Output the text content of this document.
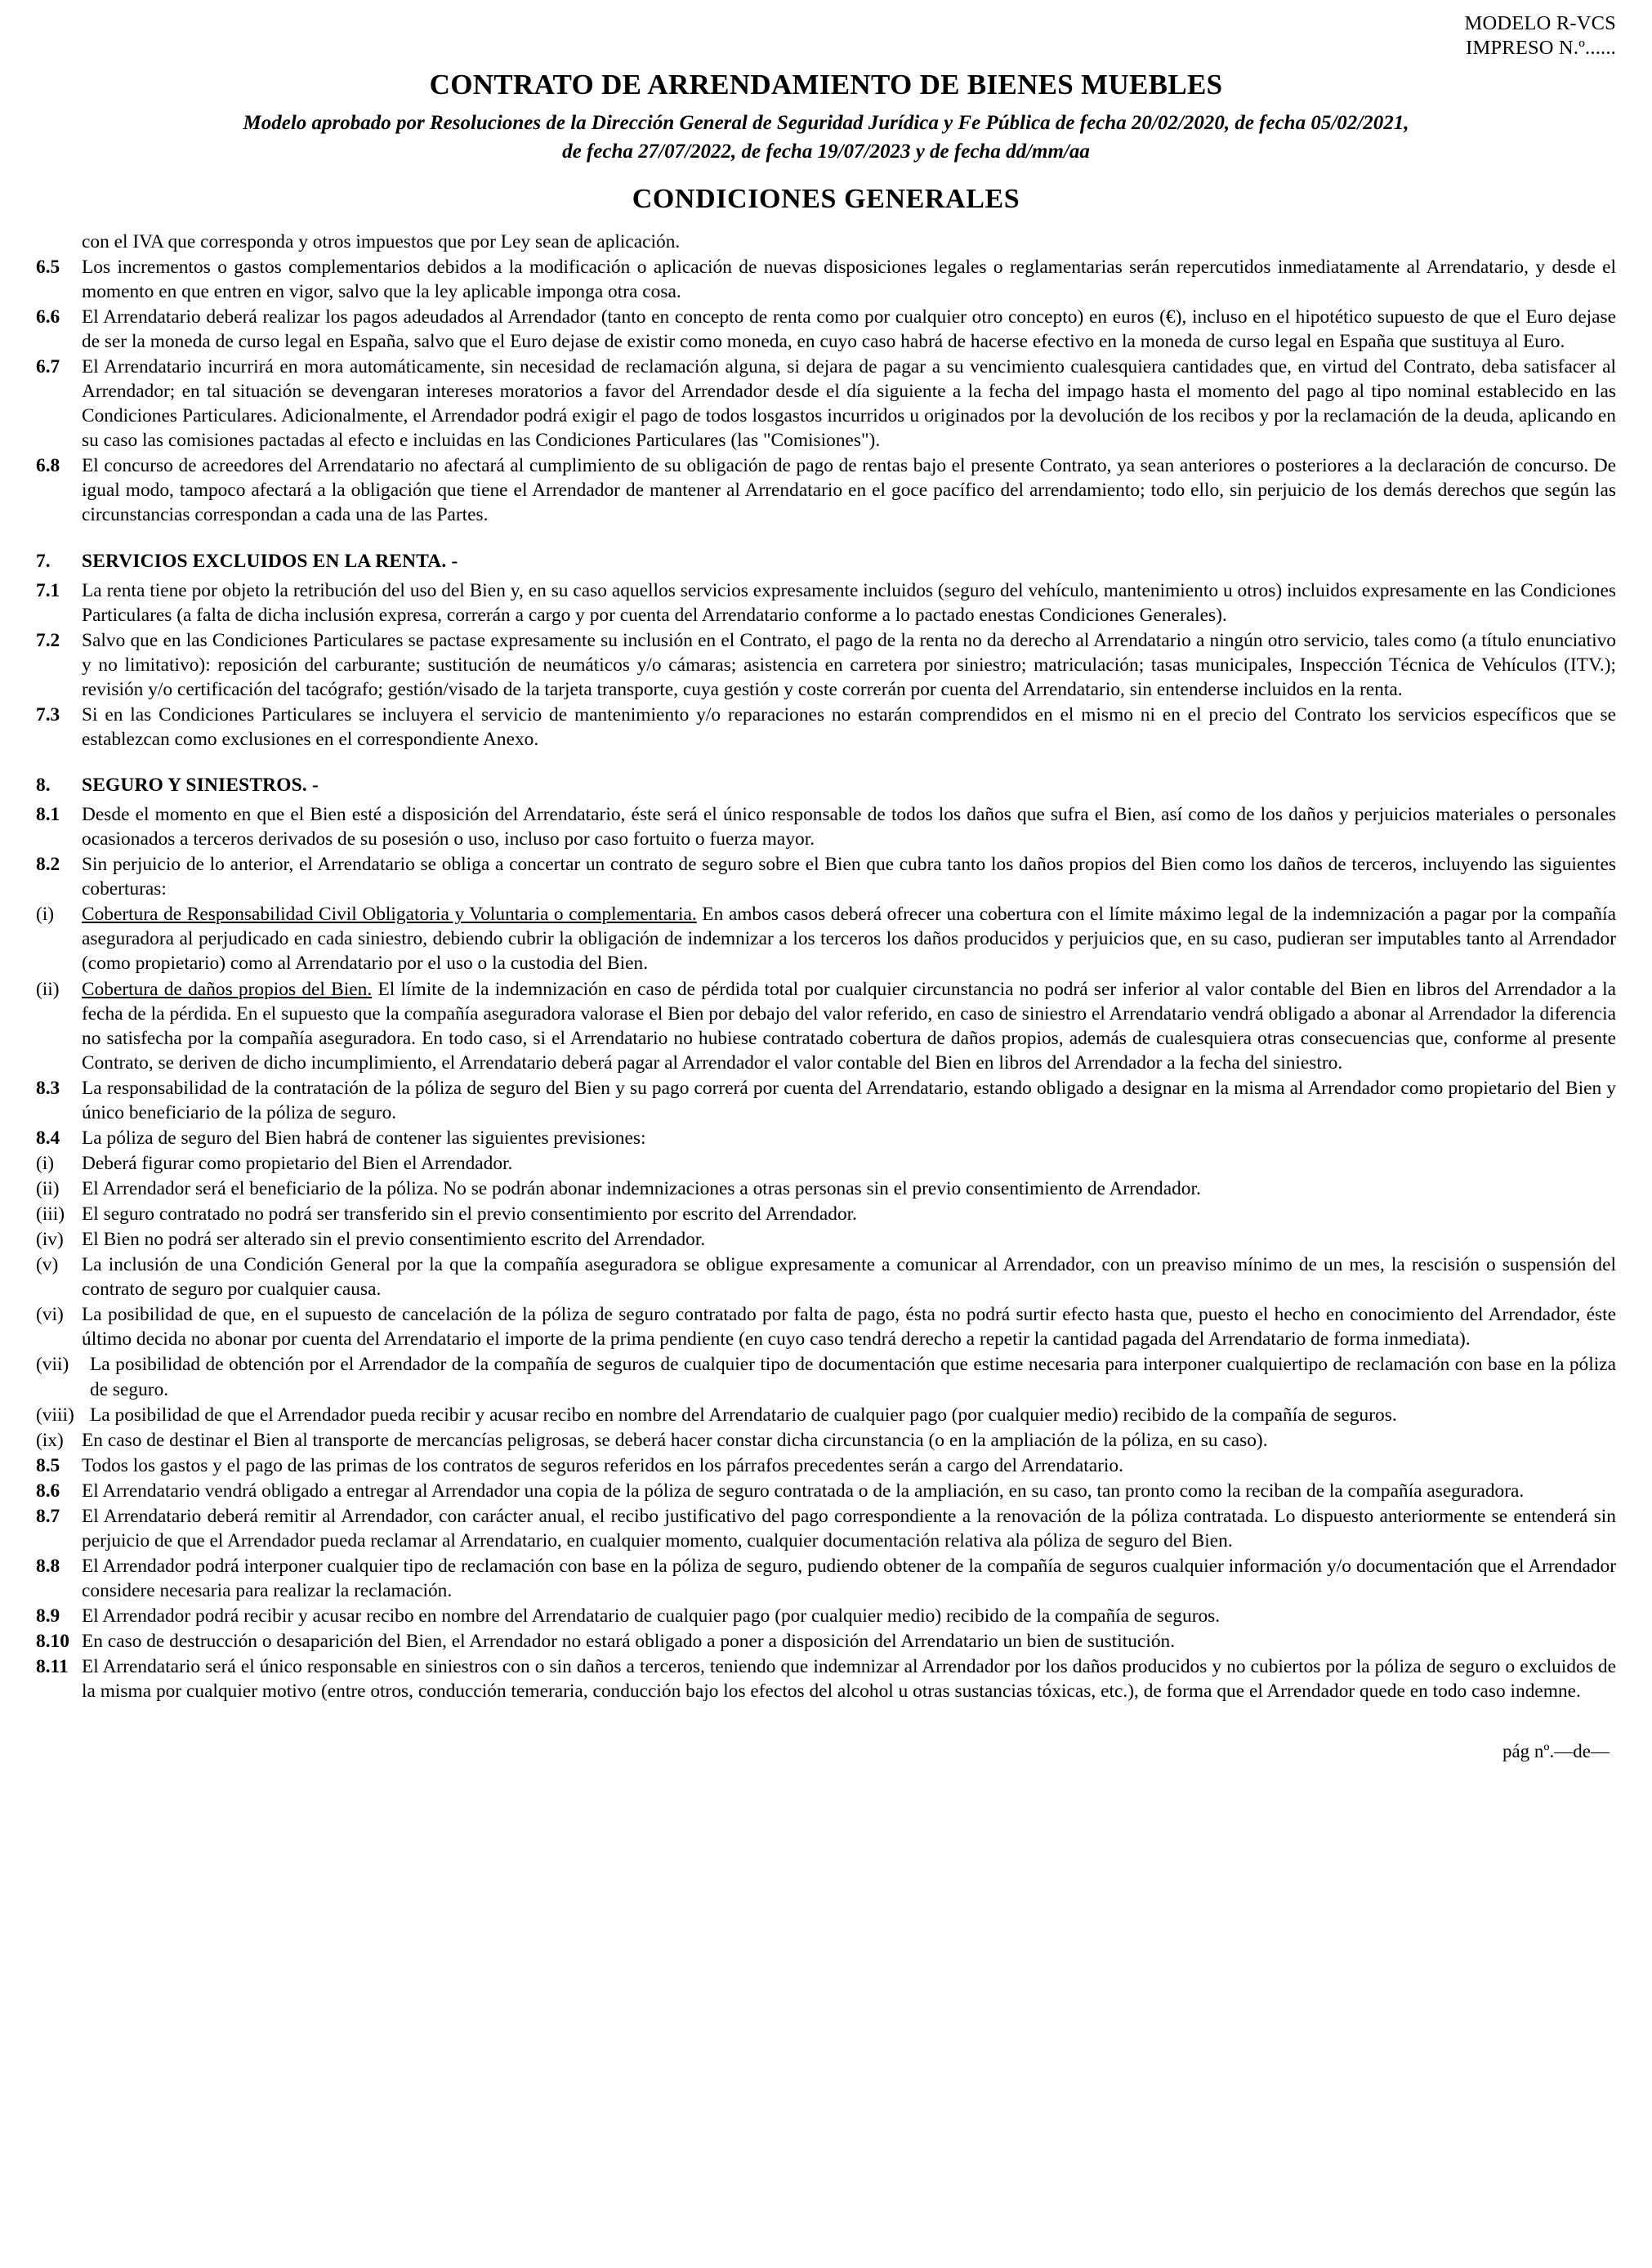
MODELO R-VCS
IMPRESO N.º......
CONTRATO DE ARRENDAMIENTO DE BIENES MUEBLES
Modelo aprobado por Resoluciones de la Dirección General de Seguridad Jurídica y Fe Pública de fecha 20/02/2020, de fecha 05/02/2021,
de fecha 27/07/2022, de fecha 19/07/2023 y de fecha dd/mm/aa
CONDICIONES GENERALES
con el IVA que corresponda y otros impuestos que por Ley sean de aplicación.
6.5	Los incrementos o gastos complementarios debidos a la modificación o aplicación de nuevas disposiciones legales o reglamentarias serán repercutidos inmediatamente al Arrendatario, y desde el momento en que entren en vigor, salvo que la ley aplicable imponga otra cosa.
6.6	El Arrendatario deberá realizar los pagos adeudados al Arrendador (tanto en concepto de renta como por cualquier otro concepto) en euros (€), incluso en el hipotético supuesto de que el Euro dejase de ser la moneda de curso legal en España, salvo que el Euro dejase de existir como moneda, en cuyo caso habrá de hacerse efectivo en la moneda de curso legal en España que sustituya al Euro.
6.7	El Arrendatario incurrirá en mora automáticamente, sin necesidad de reclamación alguna, si dejara de pagar a su vencimiento cualesquiera cantidades que, en virtud del Contrato, deba satisfacer al Arrendador; en tal situación se devengaran intereses moratorios a favor del Arrendador desde el día siguiente a la fecha del impago hasta el momento del pago al tipo nominal establecido en las Condiciones Particulares. Adicionalmente, el Arrendador podrá exigir el pago de todos losgastos incurridos u originados por la devolución de los recibos y por la reclamación de la deuda, aplicando en su caso las comisiones pactadas al efecto e incluidas en las Condiciones Particulares (las "Comisiones").
6.8	El concurso de acreedores del Arrendatario no afectará al cumplimiento de su obligación de pago de rentas bajo el presente Contrato, ya sean anteriores o posteriores a la declaración de concurso. De igual modo, tampoco afectará a la obligación que tiene el Arrendador de mantener al Arrendatario en el goce pacífico del arrendamiento; todo ello, sin perjuicio de los demás derechos que según las circunstancias correspondan a cada una de las Partes.
7.	SERVICIOS EXCLUIDOS EN LA RENTA. -
7.1	La renta tiene por objeto la retribución del uso del Bien y, en su caso aquellos servicios expresamente incluidos (seguro del vehículo, mantenimiento u otros) incluidos expresamente en las Condiciones Particulares (a falta de dicha inclusión expresa, correrán a cargo y por cuenta del Arrendatario conforme a lo pactado enestas Condiciones Generales).
7.2	Salvo que en las Condiciones Particulares se pactase expresamente su inclusión en el Contrato, el pago de la renta no da derecho al Arrendatario a ningún otro servicio, tales como (a título enunciativo y no limitativo): reposición del carburante; sustitución de neumáticos y/o cámaras; asistencia en carretera por siniestro; matriculación; tasas municipales, Inspección Técnica de Vehículos (ITV.); revisión y/o certificación del tacógrafo; gestión/visado de la tarjeta transporte, cuya gestión y coste correrán por cuenta del Arrendatario, sin entenderse incluidos en la renta.
7.3	Si en las Condiciones Particulares se incluyera el servicio de mantenimiento y/o reparaciones no estarán comprendidos en el mismo ni en el precio del Contrato los servicios específicos que se establezcan como exclusiones en el correspondiente Anexo.
8.	SEGURO Y SINIESTROS. -
8.1	Desde el momento en que el Bien esté a disposición del Arrendatario, éste será el único responsable de todos los daños que sufra el Bien, así como de los daños y perjuicios materiales o personales ocasionados a terceros derivados de su posesión o uso, incluso por caso fortuito o fuerza mayor.
8.2	Sin perjuicio de lo anterior, el Arrendatario se obliga a concertar un contrato de seguro sobre el Bien que cubra tanto los daños propios del Bien como los daños de terceros, incluyendo las siguientes coberturas:
(i)	Cobertura de Responsabilidad Civil Obligatoria y Voluntaria o complementaria. En ambos casos deberá ofrecer una cobertura con el límite máximo legal de la indemnización a pagar por la compañía aseguradora al perjudicado en cada siniestro, debiendo cubrir la obligación de indemnizar a los terceros los daños producidos y perjuicios que, en su caso, pudieran ser imputables tanto al Arrendador (como propietario) como al Arrendatario por el uso o la custodia del Bien.
(ii)	Cobertura de daños propios del Bien. El límite de la indemnización en caso de pérdida total por cualquier circunstancia no podrá ser inferior al valor contable del Bien en libros del Arrendador a la fecha de la pérdida. En el supuesto que la compañía aseguradora valorase el Bien por debajo del valor referido, en caso de siniestro el Arrendatario vendrá obligado a abonar al Arrendador la diferencia no satisfecha por la compañía aseguradora. En todo caso, si el Arrendatario no hubiese contratado cobertura de daños propios, además de cualesquiera otras consecuencias que, conforme al presente Contrato, se deriven de dicho incumplimiento, el Arrendatario deberá pagar al Arrendador el valor contable del Bien en libros del Arrendador a la fecha del siniestro.
8.3	La responsabilidad de la contratación de la póliza de seguro del Bien y su pago correrá por cuenta del Arrendatario, estando obligado a designar en la misma al Arrendador como propietario del Bien y único beneficiario de la póliza de seguro.
8.4	La póliza de seguro del Bien habrá de contener las siguientes previsiones:
(i)	Deberá figurar como propietario del Bien el Arrendador.
(ii)	El Arrendador será el beneficiario de la póliza. No se podrán abonar indemnizaciones a otras personas sin el previo consentimiento de Arrendador.
(iii) El seguro contratado no podrá ser transferido sin el previo consentimiento por escrito del Arrendador.
(iv) El Bien no podrá ser alterado sin el previo consentimiento escrito del Arrendador.
(v)	La inclusión de una Condición General por la que la compañía aseguradora se obligue expresamente a comunicar al Arrendador, con un preaviso mínimo de un mes, la rescisión o suspensión del contrato de seguro por cualquier causa.
(vi) La posibilidad de que, en el supuesto de cancelación de la póliza de seguro contratado por falta de pago, ésta no podrá surtir efecto hasta que, puesto el hecho en conocimiento del Arrendador, éste último decida no abonar por cuenta del Arrendatario el importe de la prima pendiente (en cuyo caso tendrá derecho a repetir la cantidad pagada del Arrendatario de forma inmediata).
(vii)	La posibilidad de obtención por el Arrendador de la compañía de seguros de cualquier tipo de documentación que estime necesaria para interponer cualquiertipo de reclamación con base en la póliza de seguro.
(viii) La posibilidad de que el Arrendador pueda recibir y acusar recibo en nombre del Arrendatario de cualquier pago (por cualquier medio) recibido de la compañía de seguros.
(ix) En caso de destinar el Bien al transporte de mercancías peligrosas, se deberá hacer constar dicha circunstancia (o en la ampliación de la póliza, en su caso).
8.5	Todos los gastos y el pago de las primas de los contratos de seguros referidos en los párrafos precedentes serán a cargo del Arrendatario.
8.6	El Arrendatario vendrá obligado a entregar al Arrendador una copia de la póliza de seguro contratada o de la ampliación, en su caso, tan pronto como la reciban de la compañía aseguradora.
8.7	El Arrendatario deberá remitir al Arrendador, con carácter anual, el recibo justificativo del pago correspondiente a la renovación de la póliza contratada. Lo dispuesto anteriormente se entenderá sin perjuicio de que el Arrendador pueda reclamar al Arrendatario, en cualquier momento, cualquier documentación relativa ala póliza de seguro del Bien.
8.8	El Arrendador podrá interponer cualquier tipo de reclamación con base en la póliza de seguro, pudiendo obtener de la compañía de seguros cualquier información y/o documentación que el Arrendador considere necesaria para realizar la reclamación.
8.9	El Arrendador podrá recibir y acusar recibo en nombre del Arrendatario de cualquier pago (por cualquier medio) recibido de la compañía de seguros.
8.10 En caso de destrucción o desaparición del Bien, el Arrendador no estará obligado a poner a disposición del Arrendatario un bien de sustitución.
8.11 El Arrendatario será el único responsable en siniestros con o sin daños a terceros, teniendo que indemnizar al Arrendador por los daños producidos y no cubiertos por la póliza de seguro o excluidos de la misma por cualquier motivo (entre otros, conducción temeraria, conducción bajo los efectos del alcohol u otras sustancias tóxicas, etc.), de forma que el Arrendador quede en todo caso indemne.
pág nº.—de—
